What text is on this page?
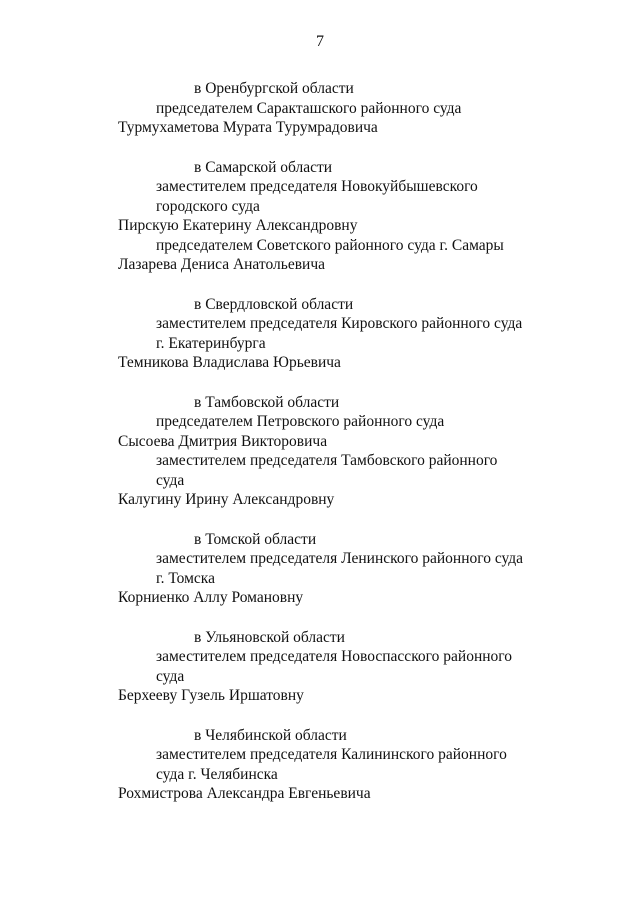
7
в Оренбургской области
председателем Саракташского районного суда
Турмухаметова Мурата Турумрадовича
в Самарской области
заместителем председателя Новокуйбышевского
городского суда
Пирскую Екатерину Александровну
председателем Советского районного суда г. Самары
Лазарева Дениса Анатольевича
в Свердловской области
заместителем председателя Кировского районного суда
г. Екатеринбурга
Темникова Владислава Юрьевича
в Тамбовской области
председателем Петровского районного суда
Сысоева Дмитрия Викторовича
заместителем председателя Тамбовского районного
суда
Калугину Ирину Александровну
в Томской области
заместителем председателя Ленинского районного суда
г. Томска
Корниенко Аллу Романовну
в Ульяновской области
заместителем председателя Новоспасского районного
суда
Берхееву Гузель Иршатовну
в Челябинской области
заместителем председателя Калининского районного
суда г. Челябинска
Рохмистрова Александра Евгеньевича
